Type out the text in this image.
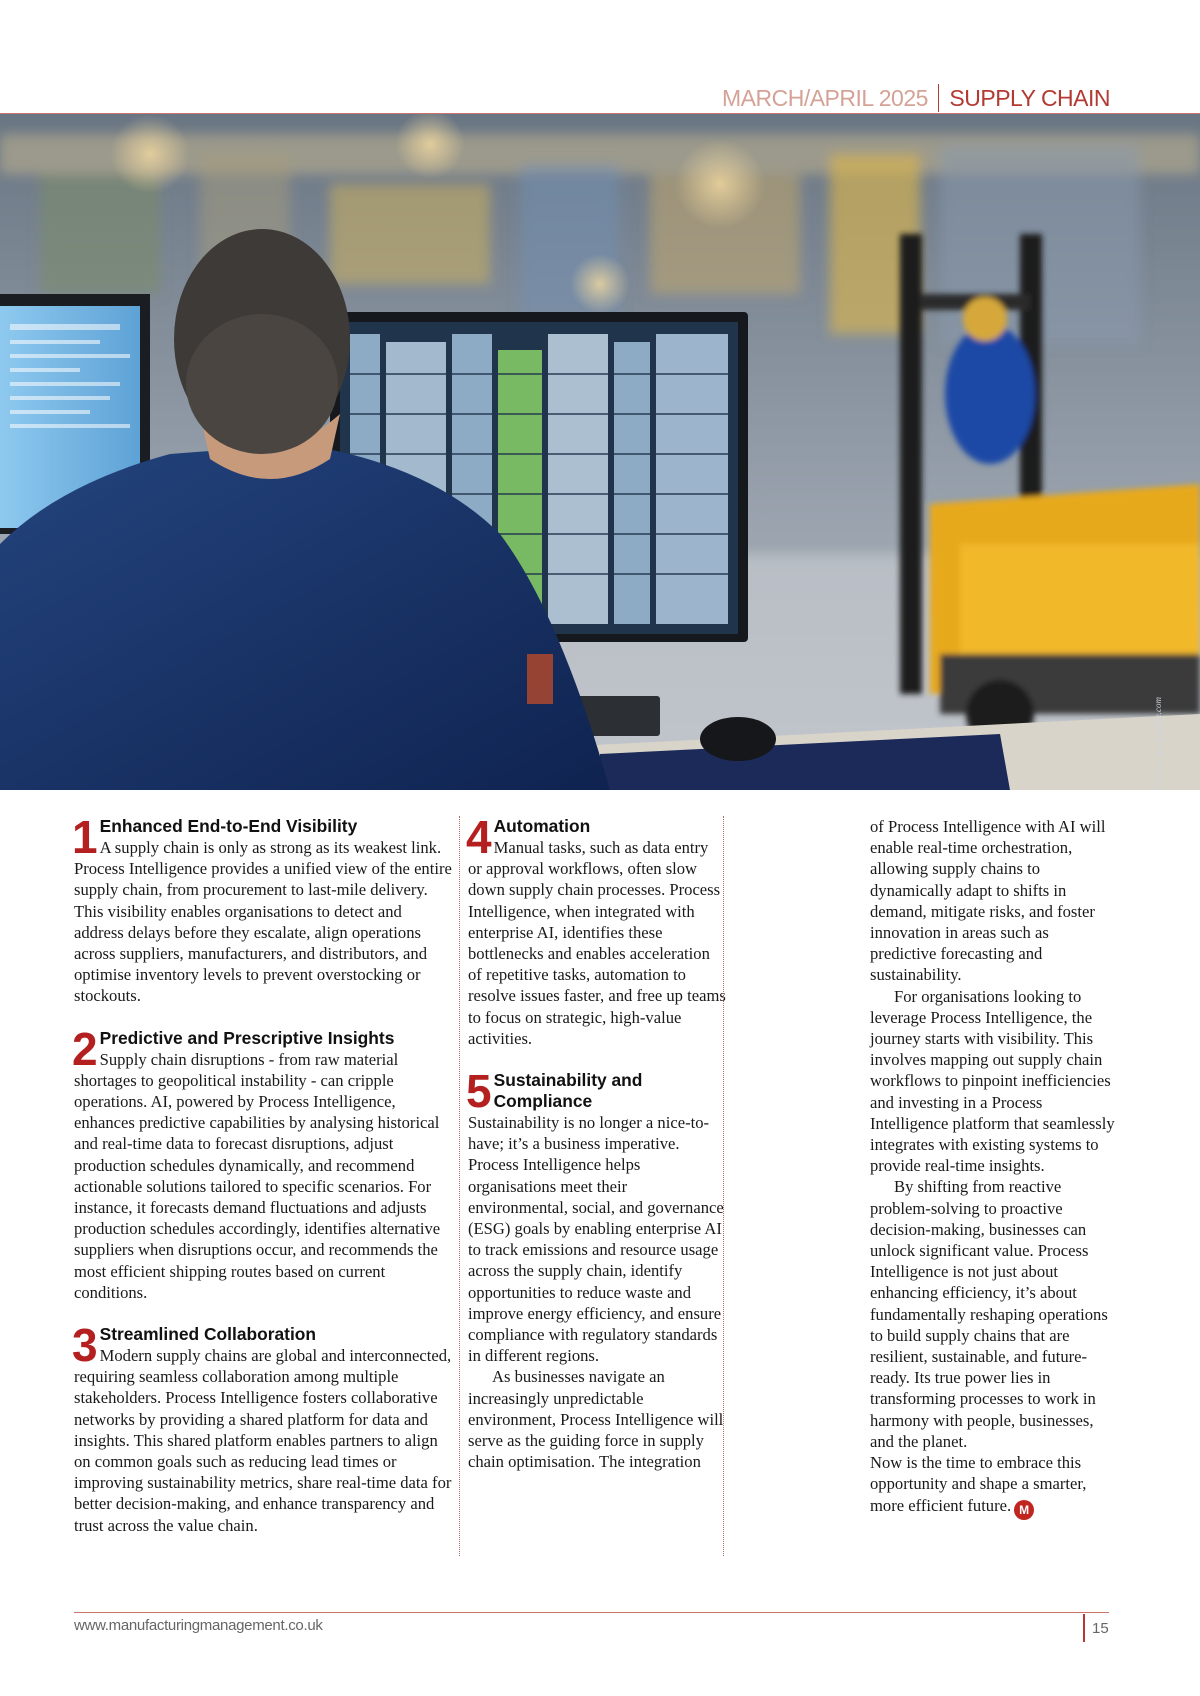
MARCH/APRIL 2025 SUPPLY CHAIN
Elmira | stock.adobe.com
1 Enhanced End-to-End Visibility

A supply chain is only as strong as its weakest link. Process Intelligence provides a unified view of the entire supply chain, from procurement to last-mile delivery. This visibility enables organisations to detect and address delays before they escalate, align operations across suppliers, manufacturers, and distributors, and optimise inventory levels to prevent overstocking or stockouts.

2 Predictive and Prescriptive Insights

Supply chain disruptions - from raw material shortages to geopolitical instability - can cripple operations. AI, powered by Process Intelligence, enhances predictive capabilities by analysing historical and real-time data to forecast disruptions, adjust production schedules dynamically, and recommend actionable solutions tailored to specific scenarios. For instance, it forecasts demand fluctuations and adjusts production schedules accordingly, identifies alternative suppliers when disruptions occur, and recommends the most efficient shipping routes based on current conditions.

3 Streamlined Collaboration

Modern supply chains are global and interconnected, requiring seamless collaboration among multiple stakeholders. Process Intelligence fosters collaborative networks by providing a shared platform for data and insights. This shared platform enables partners to align on common goals such as reducing lead times or improving sustainability metrics, share real-time data for better decision-making, and enhance transparency and trust across the value chain.

4 Automation

Manual tasks, such as data entry or approval workflows, often slow down supply chain processes. Process Intelligence, when integrated with enterprise AI, identifies these bottlenecks and enables acceleration of repetitive tasks, automation to resolve issues faster, and free up teams to focus on strategic, high-value activities.

5 Sustainability and Compliance

Sustainability is no longer a nice-to-have; it’s a business imperative. Process Intelligence helps organisations meet their environmental, social, and governance (ESG) goals by enabling enterprise AI to track emissions and resource usage across the supply chain, identify opportunities to reduce waste and improve energy efficiency, and ensure compliance with regulatory standards in different regions.

As businesses navigate an increasingly unpredictable environment, Process Intelligence will serve as the guiding force in supply chain optimisation. The integration

of Process Intelligence with AI will enable real-time orchestration, allowing supply chains to dynamically adapt to shifts in demand, mitigate risks, and foster innovation in areas such as predictive forecasting and sustainability.

For organisations looking to leverage Process Intelligence, the journey starts with visibility. This involves mapping out supply chain workflows to pinpoint inefficiencies and investing in a Process Intelligence platform that seamlessly integrates with existing systems to provide real-time insights.

By shifting from reactive problem-solving to proactive decision-making, businesses can unlock significant value. Process Intelligence is not just about enhancing efficiency, it’s about fundamentally reshaping operations to build supply chains that are resilient, sustainable, and future-ready. Its true power lies in transforming processes to work in harmony with people, businesses, and the planet.

Now is the time to embrace this opportunity and shape a smarter, more efficient future. M

www.manufacturingmanagement.co.uk	15
